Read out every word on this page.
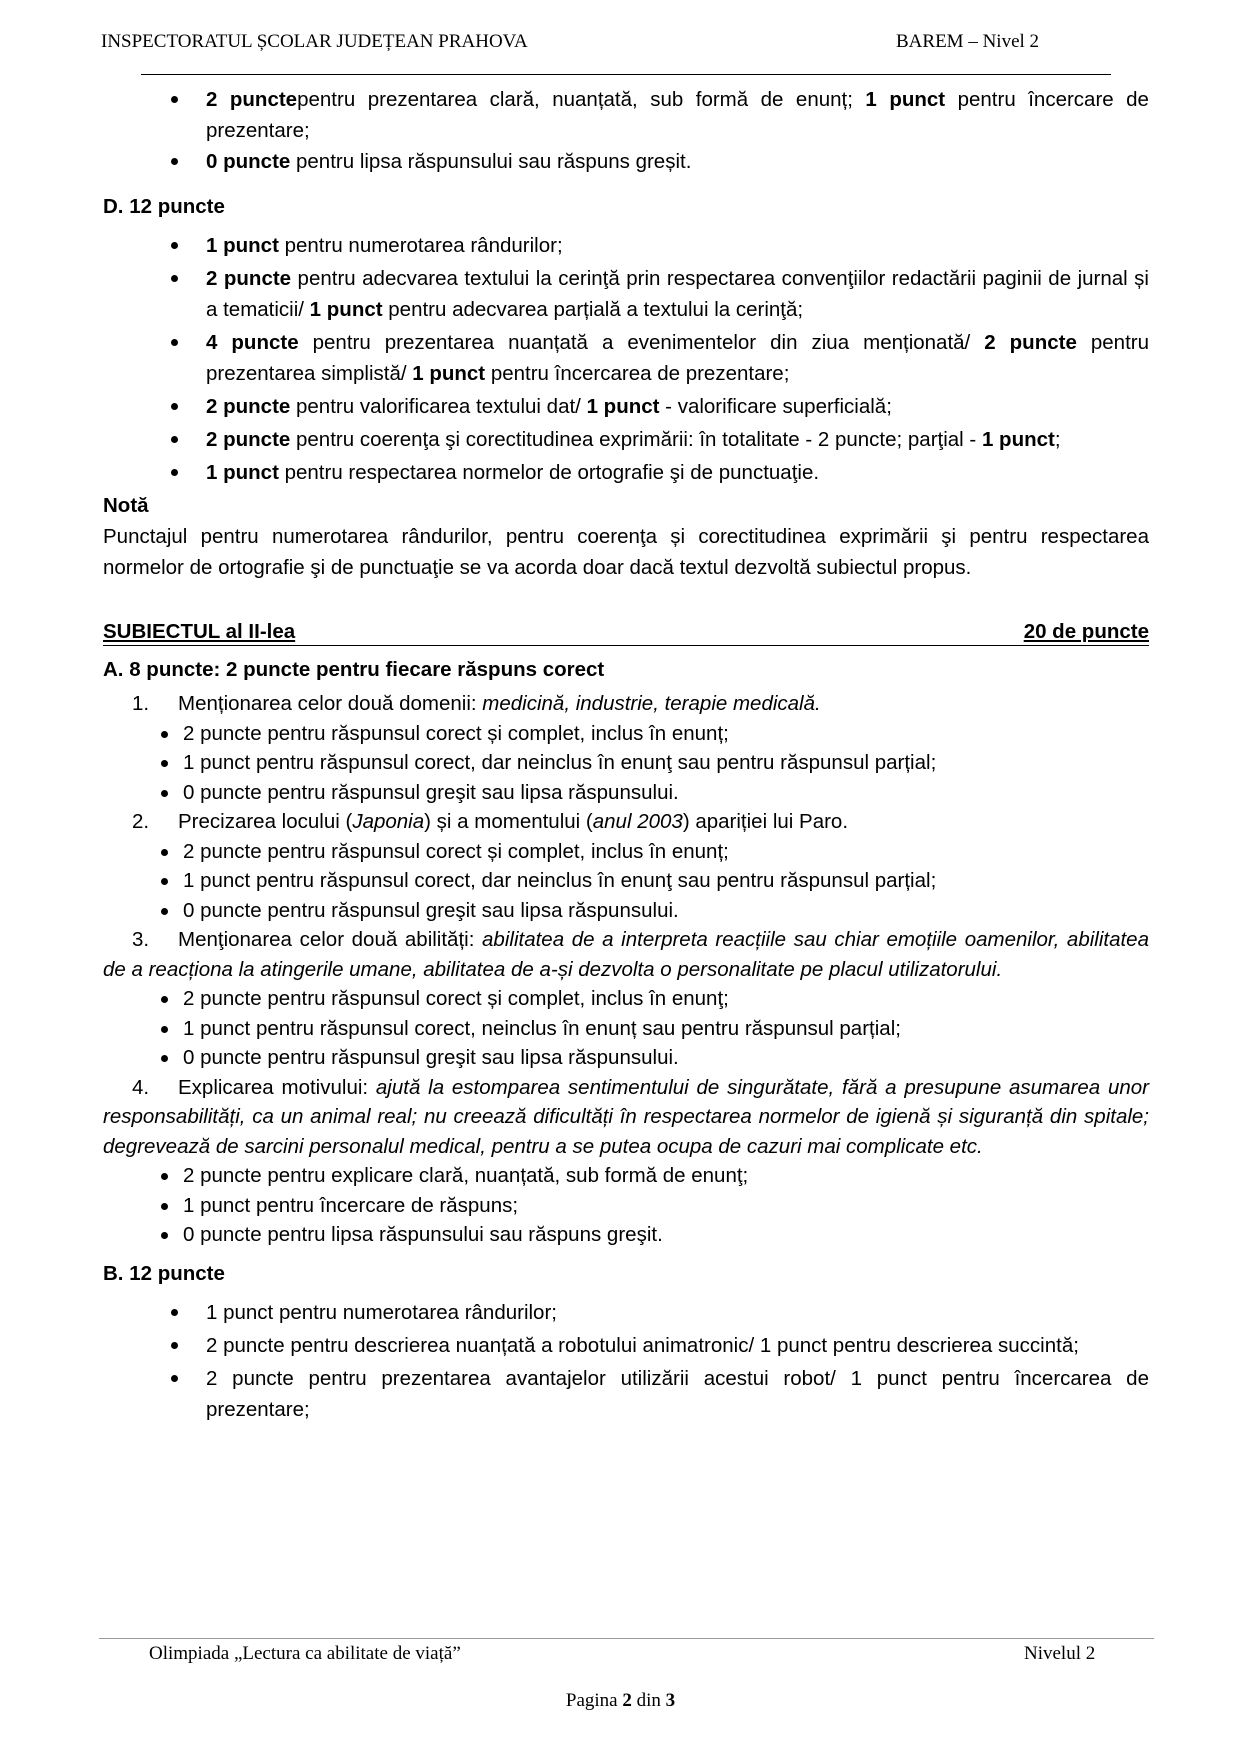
INSPECTORATUL ȘCOLAR JUDEȚEAN PRAHOVA	BAREM – Nivel 2
2 punctepentru prezentarea clară, nuanțată, sub formă de enunț; 1 punct pentru încercare de prezentare;
0 puncte pentru lipsa răspunsului sau răspuns greșit.
D. 12 puncte
1 punct pentru numerotarea rândurilor;
2 puncte pentru adecvarea textului la cerinţă prin respectarea convenţiilor redactării paginii de jurnal și a tematicii/ 1 punct pentru adecvarea parțială a textului la cerinţă;
4 puncte pentru prezentarea nuanțată a evenimentelor din ziua menționată/ 2 puncte pentru prezentarea simplistă/ 1 punct pentru încercarea de prezentare;
2 puncte pentru valorificarea textului dat/ 1 punct - valorificare superficială;
2 puncte pentru coerenţa şi corectitudinea exprimării: în totalitate - 2 puncte; parţial - 1 punct;
1 punct pentru respectarea normelor de ortografie şi de punctuaţie.
Notă
Punctajul pentru numerotarea rândurilor, pentru coerenţa și corectitudinea exprimării şi pentru respectarea normelor de ortografie şi de punctuaţie se va acorda doar dacă textul dezvoltă subiectul propus.
SUBIECTUL al II-lea	20 de puncte
A. 8 puncte: 2 puncte pentru fiecare răspuns corect
1. Menționarea celor două domenii: medicină, industrie, terapie medicală.
2 puncte pentru răspunsul corect și complet, inclus în enunț;
1 punct pentru răspunsul corect, dar neinclus în enunţ sau pentru răspunsul parțial;
0 puncte pentru răspunsul greşit sau lipsa răspunsului.
2. Precizarea locului (Japonia) și a momentului (anul 2003) apariției lui Paro.
2 puncte pentru răspunsul corect și complet, inclus în enunț;
1 punct pentru răspunsul corect, dar neinclus în enunţ sau pentru răspunsul parțial;
0 puncte pentru răspunsul greşit sau lipsa răspunsului.
3. Menţionarea celor două abilități: abilitatea de a interpreta reacțiile sau chiar emoțiile oamenilor, abilitatea de a reacționa la atingerile umane, abilitatea de a-și dezvolta o personalitate pe placul utilizatorului.
2 puncte pentru răspunsul corect și complet, inclus în enunţ;
1 punct pentru răspunsul corect, neinclus în enunț sau pentru răspunsul parțial;
0 puncte pentru răspunsul greşit sau lipsa răspunsului.
4. Explicarea motivului: ajută la estomparea sentimentului de singurătate, fără a presupune asumarea unor responsabilități, ca un animal real; nu creează dificultăți în respectarea normelor de igienă și siguranță din spitale; degrevează de sarcini personalul medical, pentru a se putea ocupa de cazuri mai complicate etc.
2 puncte pentru explicare clară, nuanțată, sub formă de enunţ;
1 punct pentru încercare de răspuns;
0 puncte pentru lipsa răspunsului sau răspuns greşit.
B. 12 puncte
1 punct pentru numerotarea rândurilor;
2 puncte pentru descrierea nuanțată a robotului animatronic/ 1 punct pentru descrierea succintă;
2 puncte pentru prezentarea avantajelor utilizării acestui robot/ 1 punct pentru încercarea de prezentare;
Olimpiada „Lectura ca abilitate de viață”	Nivelul 2
Pagina 2 din 3
